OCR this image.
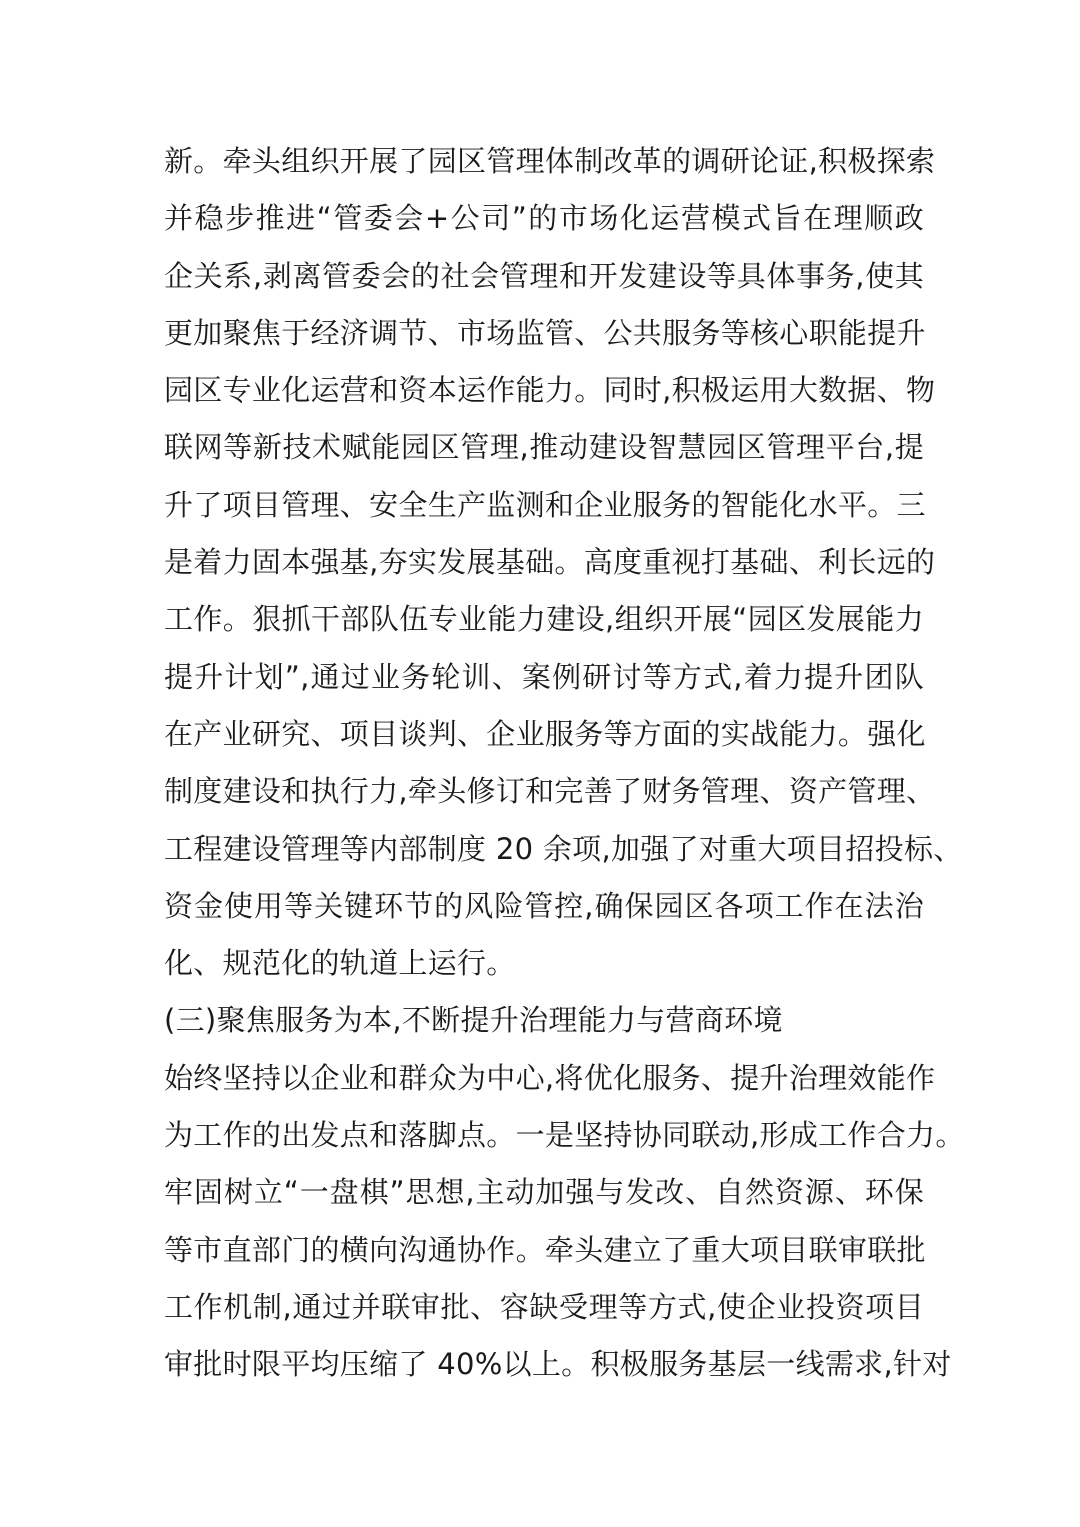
新。牵头组织开展了园区管理体制改革的调研论证,积极探索
并稳步推进“管委会+公司”的市场化运营模式旨在理顺政
企关系,剥离管委会的社会管理和开发建设等具体事务,使其
更加聚焦于经济调节、市场监管、公共服务等核心职能提升
园区专业化运营和资本运作能力。同时,积极运用大数据、物
联网等新技术赋能园区管理,推动建设智慧园区管理平台,提
升了项目管理、安全生产监测和企业服务的智能化水平。三
是着力固本强基,夯实发展基础。高度重视打基础、利长远的
工作。狠抓干部队伍专业能力建设,组织开展“园区发展能力
提升计划”,通过业务轮训、案例研讨等方式,着力提升团队
在产业研究、项目谈判、企业服务等方面的实战能力。强化
制度建设和执行力,牵头修订和完善了财务管理、资产管理、
工程建设管理等内部制度 20 余项,加强了对重大项目招投标、
资金使用等关键环节的风险管控,确保园区各项工作在法治
化、规范化的轨道上运行。
(三)聚焦服务为本,不断提升治理能力与营商环境
始终坚持以企业和群众为中心,将优化服务、提升治理效能作
为工作的出发点和落脚点。一是坚持协同联动,形成工作合力。
牢固树立“一盘棋”思想,主动加强与发改、自然资源、环保
等市直部门的横向沟通协作。牵头建立了重大项目联审联批
工作机制,通过并联审批、容缺受理等方式,使企业投资项目
审批时限平均压缩了 40%以上。积极服务基层一线需求,针对
